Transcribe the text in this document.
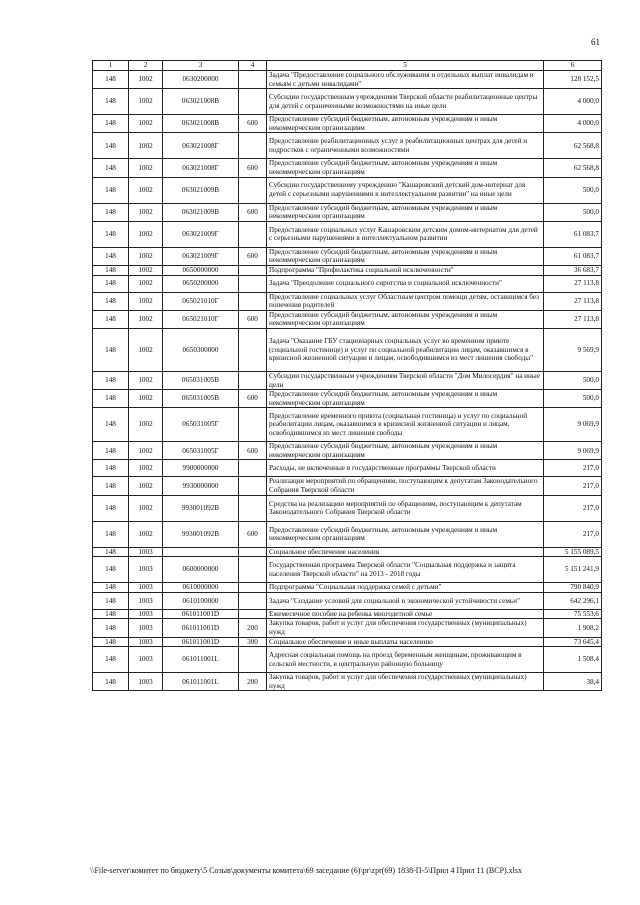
61
1	2	3	4	5	6
148	1002	0630200000		Задача "Предоставление социального обслуживания и отдельных выплат инвалидам и семьям с детьми инвалидами"	128 152,5
148	1002	063021008В		Субсидии государственным учреждениям Тверской области реабилитационные центры для детей с ограниченными возможностями на иные цели	4 000,0
148	1002	063021008В	600	Предоставление субсидий бюджетным, автономным учреждениям и иным некоммерческим организациям	4 000,0
148	1002	063021008Г		Предоставление реабилитационных услуг в реабилитационных центрах для детей и подростков с ограниченными возможностями	62 568,8
148	1002	063021008Г	600	Предоставление субсидий бюджетным, автономным учреждениям и иным некоммерческим организациям	62 568,8
148	1002	063021009В		Субсидии государственному учреждению "Кашаровский детский дом-интернат для детей с серьезными нарушениями в интеллектуальном развитии" на иные цели	500,0
148	1002	063021009В	600	Предоставление субсидий бюджетным, автономным учреждениям и иным некоммерческим организациям	500,0
148	1002	063021009Г		Предоставление социальных услуг Кашаровским детским домом-интернатом для детей с серьезными нарушениями в интеллектуальном развитии	61 083,7
148	1002	063021009Г	600	Предоставление субсидий бюджетным, автономным учреждениям и иным некоммерческим организациям	61 083,7
148	1002	0650000000		Подпрограмма "Профилактика социальной исключенности"	36 683,7
148	1002	0650200000		Задача "Преодоление социального сиротства и социальной исключенности"	27 113,8
148	1002	065021010Г		Предоставление социальных услуг Областным центром помощи детям, оставшимся без попечения родителей	27 113,8
148	1002	065021010Г	600	Предоставление субсидий бюджетным, автономным учреждениям и иным некоммерческим организациям	27 113,8
148	1002	0650300000		Задача "Оказание ГБУ стационарных социальных услуг во временном приюте (социальной гостинице) и услуг по социальной реабилитации лицам, оказавшимся в кризисной жизненной ситуации и лицам, освободившимся из мест лишения свободы"	9 569,9
148	1002	065031005В		Субсидии государственным учреждениям Тверской области "Дом Милосердия" на иные цели	500,0
148	1002	065031005В	600	Предоставление субсидий бюджетным, автономным учреждениям и иным некоммерческим организациям	500,0
148	1002	065031005Г		Предоставление временного приюта (социальная гостиница) и услуг по социальной реабилитации лицам, оказавшимся в кризисной жизненной ситуации и лицам, освободившимся из мест лишения свободы	9 069,9
148	1002	065031005Г	600	Предоставление субсидий бюджетным, автономным учреждениям и иным некоммерческим организациям	9 069,9
148	1002	9900000000		Расходы, не включенные в государственные программы Тверской области	217,0
148	1002	9930000000		Реализация мероприятий по обращениям, поступающим к депутатам Законодательного Собрания Тверской области	217,0
148	1002	993001092В		Средства на реализацию мероприятий по обращениям, поступающим к депутатам Законодательного Собрания Тверской области	217,0
148	1002	993001092В	600	Предоставление субсидий бюджетным, автономным учреждениям и иным некоммерческим организациям	217,0
148	1003			Социальное обеспечение населения	5 155 089,5
148	1003	0600000000		Государственная программа Тверской области "Социальная поддержка и защита населения Тверской области" на 2013 - 2018 годы	5 151 241,9
148	1003	0610000000		Подпрограмма "Социальная поддержка семей с детьми"	790 840,9
148	1003	0610100000		Задача "Создание условий для социальной и экономической устойчивости семьи"	642 296,1
148	1003	061011001D		Ежемесячное пособие на ребенка многодетной семье	75 553,6
148	1003	061011001D	200	Закупка товаров, работ и услуг для обеспечения государственных (муниципальных) нужд	1 908,2
148	1003	061011001D	300	Социальное обеспечение и иные выплаты населению	73 645,4
148	1003	061011001L		Адресная социальная помощь на проезд беременным женщинам, проживающим в сельской местности, в центральную районную больницу	1 508,4
148	1003	061011001L	200	Закупка товаров, работ и услуг для обеспечения государственных (муниципальных) нужд	38,4
\\File-server\комитет по бюджету\5 Созыв\документы комитета\69 заседание (6)\pr\zpr(69) 1838-П-5\Прил 4 Прил 11 (ВСР).xlsx
